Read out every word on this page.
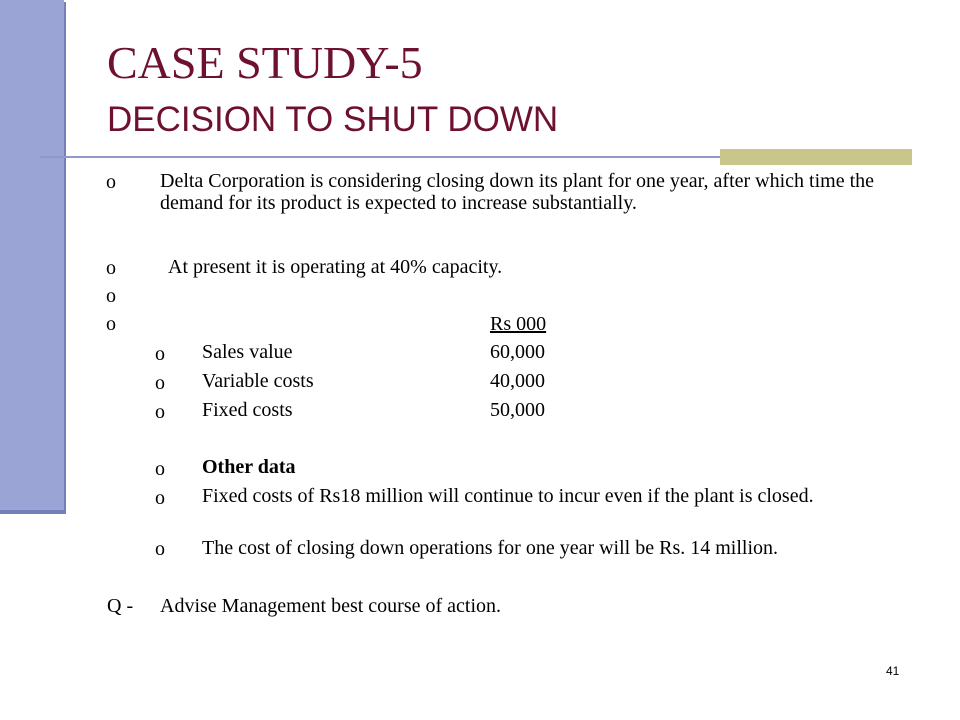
CASE STUDY-5
DECISION TO SHUT DOWN
o Delta Corporation is considering closing down its plant for one year, after which time the demand for its product is expected to increase substantially.
o	At present it is operating at 40% capacity.
o
o	Rs 000
o Sales value	60,000
o Variable costs	40,000
o Fixed costs	50,000
o Other data
o Fixed costs of Rs18 million will continue to incur even if the plant is closed.
o The cost of closing down operations for one year will be Rs. 14 million.
Q - Advise Management best course of action.
41
